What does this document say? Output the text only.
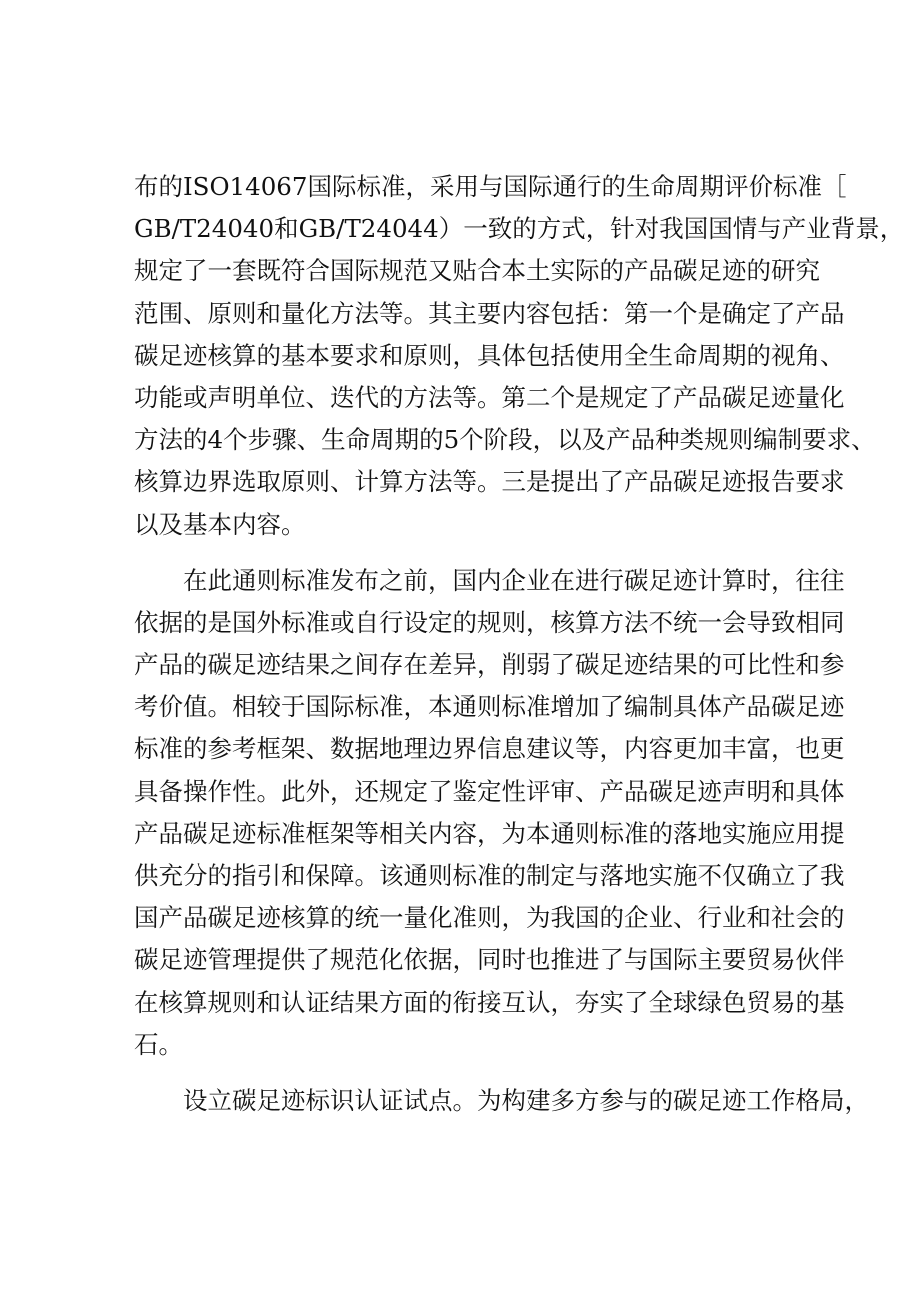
布的ISO14067国际标准，采用与国际通行的生命周期评价标准［
GB/T24040和GB/T24044）一致的方式，针对我国国情与产业背景，
规定了一套既符合国际规范又贴合本土实际的产品碳足迹的研究
范围、原则和量化方法等。其主要内容包括：第一个是确定了产品
碳足迹核算的基本要求和原则，具体包括使用全生命周期的视角、
功能或声明单位、迭代的方法等。第二个是规定了产品碳足迹量化
方法的4个步骤、生命周期的5个阶段，以及产品种类规则编制要求、
核算边界选取原则、计算方法等。三是提出了产品碳足迹报告要求
以及基本内容。
在此通则标准发布之前，国内企业在进行碳足迹计算时，往往
依据的是国外标准或自行设定的规则，核算方法不统一会导致相同
产品的碳足迹结果之间存在差异，削弱了碳足迹结果的可比性和参
考价值。相较于国际标准，本通则标准增加了编制具体产品碳足迹
标准的参考框架、数据地理边界信息建议等，内容更加丰富，也更
具备操作性。此外，还规定了鉴定性评审、产品碳足迹声明和具体
产品碳足迹标准框架等相关内容，为本通则标准的落地实施应用提
供充分的指引和保障。该通则标准的制定与落地实施不仅确立了我
国产品碳足迹核算的统一量化准则，为我国的企业、行业和社会的
碳足迹管理提供了规范化依据，同时也推进了与国际主要贸易伙伴
在核算规则和认证结果方面的衔接互认，夯实了全球绿色贸易的基
石。
设立碳足迹标识认证试点。为构建多方参与的碳足迹工作格局，
